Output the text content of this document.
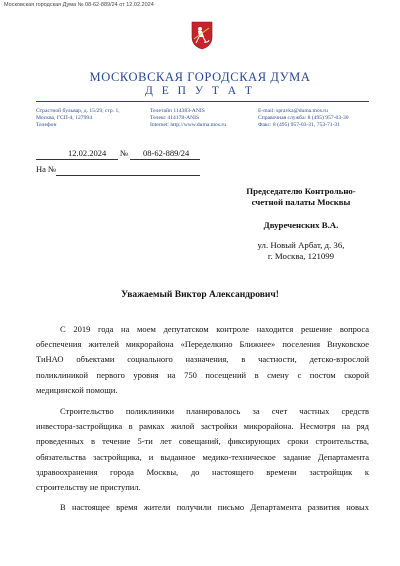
Московская городская Дума № 08-62-889/24 от 12.02.2024
МОСКОВСКАЯ ГОРОДСКАЯ ДУМА
Д Е П У Т А Т
Страстной бульвар, д. 15/29, стр. 1,
Москва, ГСП-4, 127994
Телефон
Телетайп 114383-ANIS
Телекс 414178-ANIS
Internet: http://www.duma.mos.ru
E-mail: spravka@duma.mos.ru
Справочная служба: 8 (495) 957-03-30
Факс: 8 (495) 957-03-31, 753-71-31
12.02.2024 № 08-62-889/24
На №
Председателю Контрольно-
счетной палаты Москвы
Двуреченских В.А.
ул. Новый Арбат, д. 36,
г. Москва, 121099
Уважаемый Виктор Александрович!
С 2019 года на моем депутатском контроле находится решение вопроса
обеспечения жителей микрорайона «Переделкино Ближнее» поселения Внуковское
ТиНАО объектами социального назначения, в частности, детско-взрослой
поликлиникой первого уровня на 750 посещений в смену с постом скорой
медицинской помощи.
Строительство поликлиники планировалось за счет частных средств
инвестора-застройщика в рамках жилой застройки микрорайона. Несмотря на ряд
проведенных в течение 5-ти лет совещаний, фиксирующих сроки строительства,
обязательства застройщика, и выданное медико-техническое задание Департамента
здравоохранения города Москвы, до настоящего времени застройщик к
строительству не приступил.
В настоящее время жители получили письмо Департамента развития новых
